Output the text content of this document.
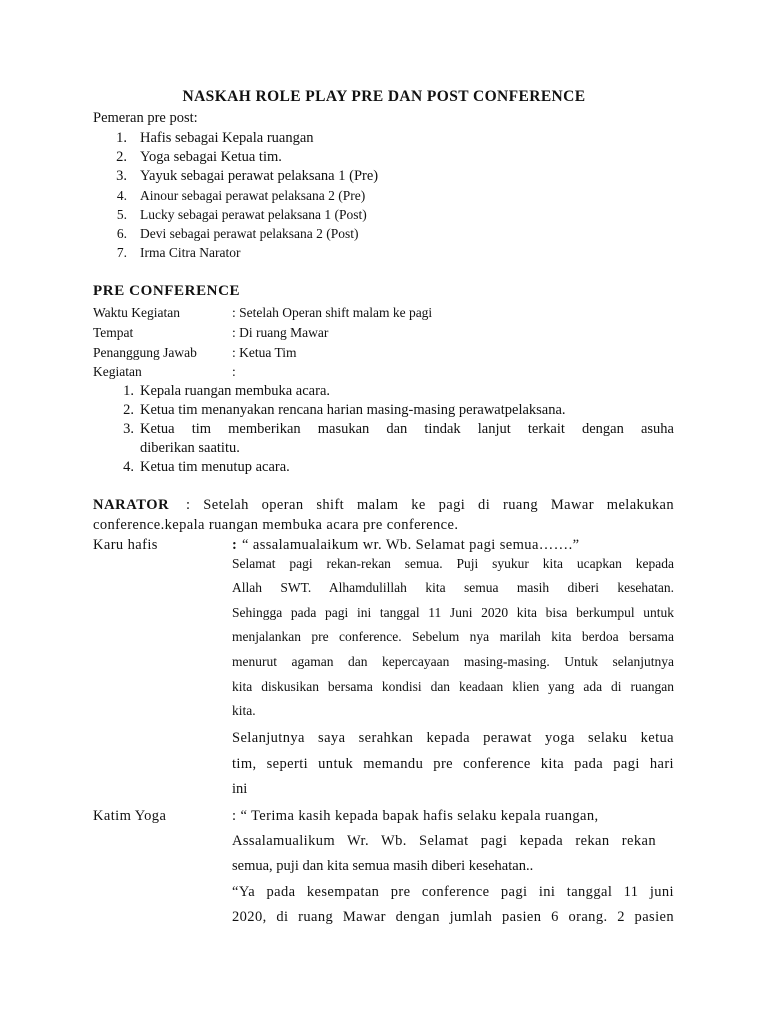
NASKAH ROLE PLAY PRE DAN POST CONFERENCE
Pemeran pre post:
1. Hafis sebagai Kepala ruangan
2. Yoga sebagai Ketua tim.
3. Yayuk sebagai perawat pelaksana 1 (Pre)
4. Ainour sebagai perawat pelaksana 2 (Pre)
5. Lucky sebagai perawat pelaksana 1 (Post)
6. Devi sebagai perawat pelaksana 2 (Post)
7. Irma Citra Narator
PRE CONFERENCE
Waktu Kegiatan	: Setelah Operan shift malam ke pagi
Tempat	: Di ruang Mawar
Penanggung Jawab	: Ketua Tim
Kegiatan	:
1. Kepala ruangan membuka acara.
2. Ketua tim menanyakan rencana harian masing-masing perawatpelaksana.
3. Ketua tim memberikan masukan dan tindak lanjut terkait dengan asuha
diberikan saatitu.
4. Ketua tim menutup acara.
NARATOR : Setelah operan shift malam ke pagi di ruang Mawar melakukan
conference.kepala ruangan membuka acara pre conference.
Karu hafis	: “ assalamualaikum wr. Wb. Selamat pagi semua…….”
Selamat pagi rekan-rekan semua. Puji syukur kita ucapkan kepada
Allah SWT. Alhamdulillah kita semua masih diberi kesehatan.
Sehingga pada pagi ini tanggal 11 Juni 2020 kita bisa berkumpul untuk
menjalankan pre conference. Sebelum nya marilah kita berdoa bersama
menurut agaman dan kepercayaan masing-masing. Untuk selanjutnya
kita diskusikan bersama kondisi dan keadaan klien yang ada di ruangan
kita.
Selanjutnya saya serahkan kepada perawat yoga selaku ketua
tim, seperti untuk memandu pre conference kita pada pagi hari
ini
Katim Yoga	: “ Terima kasih kepada bapak hafis selaku kepala ruangan,
Assalamualikum Wr. Wb. Selamat pagi kepada rekan rekan
semua, puji dan kita semua masih diberi kesehatan..
“Ya pada kesempatan pre conference pagi ini tanggal 11 juni
2020, di ruang Mawar dengan jumlah pasien 6 orang. 2 pasien
